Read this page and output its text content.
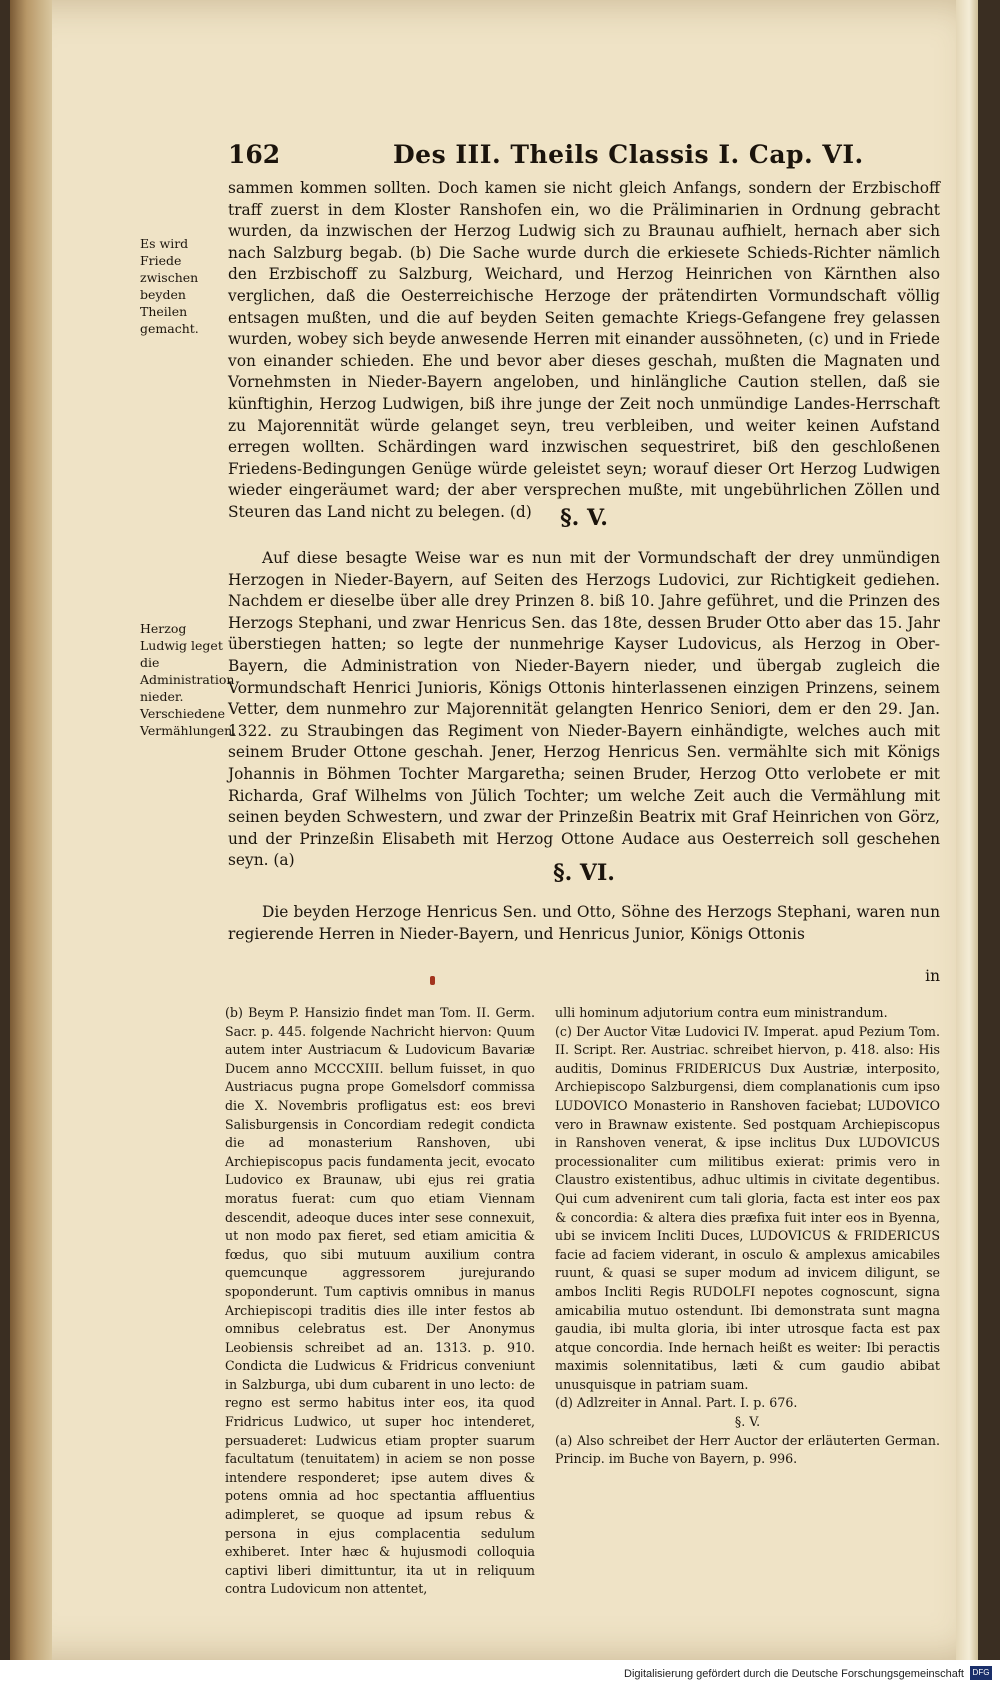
162	Des III. Theils Classis I. Cap. VI.

sammen kommen sollten. Doch kamen sie nicht gleich Anfangs, sondern der Erzbischoff traff zuerst in dem Kloster Ranshofen ein, wo die Präliminarien in Ordnung gebracht wurden, da inzwischen der Herzog Ludwig sich zu Braunau aufhielt, hernach aber sich nach Salzburg begab. (b) Die Sache wurde durch die erkiesete Schieds-Richter nämlich den Erzbischoff zu Salzburg, Weichard, und Herzog Heinrichen von Kärnthen also verglichen, daß die Oesterreichische Herzoge der prätendirten Vormundschaft völlig entsagen mußten, und die auf beyden Seiten gemachte Kriegs-Gefangene frey gelassen wurden, wobey sich beyde anwesende Herren mit einander aussöhneten, (c) und in Friede von einander schieden. Ehe und bevor aber dieses geschah, mußten die Magnaten und Vornehmsten in Nieder-Bayern angeloben, und hinlängliche Caution stellen, daß sie künftighin, Herzog Ludwigen, biß ihre junge der Zeit noch unmündige Landes-Herrschaft zu Majorennität würde gelanget seyn, treu verbleiben, und weiter keinen Aufstand erregen wollten. Schärdingen ward inzwischen sequestriret, biß den geschloßenen Friedens-Bedingungen Genüge würde geleistet seyn; worauf dieser Ort Herzog Ludwigen wieder eingeräumet ward; der aber versprechen mußte, mit ungebührlichen Zöllen und Steuren das Land nicht zu belegen. (d)

Es wird Friede zwischen beyden Theilen gemacht.
§. V.

Auf diese besagte Weise war es nun mit der Vormundschaft der drey unmündigen Herzogen in Nieder-Bayern, auf Seiten des Herzogs Ludovici, zur Richtigkeit gediehen. Nachdem er dieselbe über alle drey Prinzen 8. biß 10. Jahre geführet, und die Prinzen des Herzogs Stephani, und zwar Henricus Sen. das 18te, dessen Bruder Otto aber das 15. Jahr überstiegen hatten; so legte der nunmehrige Kayser Ludovicus, als Herzog in Ober-Bayern, die Administration von Nieder-Bayern nieder, und übergab zugleich die Vormundschaft Henrici Junioris, Königs Ottonis hinterlassenen einzigen Prinzens, seinem Vetter, dem nunmehro zur Majorennität gelangten Henrico Seniori, dem er den 29. Jan. 1322. zu Straubingen das Regiment von Nieder-Bayern einhändigte, welches auch mit seinem Bruder Ottone geschah. Jener, Herzog Henricus Sen. vermählte sich mit Königs Johannis in Böhmen Tochter Margaretha; seinen Bruder, Herzog Otto verlobete er mit Richarda, Graf Wilhelms von Jülich Tochter; um welche Zeit auch die Vermählung mit seinen beyden Schwestern, und zwar der Prinzeßin Beatrix mit Graf Heinrichen von Görz, und der Prinzeßin Elisabeth mit Herzog Ottone Audace aus Oesterreich soll geschehen seyn. (a)

Herzog Ludwig leget die Administration nieder.
Verschiedene Vermählungen.
§. VI.

Die beyden Herzoge Henricus Sen. und Otto, Söhne des Herzogs Stephani, waren nun regierende Herren in Nieder-Bayern, und Henricus Junior, Königs Ottonis

in

(b) Beym P. Hansizio findet man Tom. II. Germ. Sacr. p. 445. folgende Nachricht hiervon: Quum autem inter Austriacum & Ludovicum Bavariæ Ducem anno MCCCXIII. bellum fuisset, in quo Austriacus pugna prope Gomelsdorf commissa die X. Novembris profligatus est: eos brevi Salisburgensis in Concordiam redegit condicta die ad monasterium Ranshoven, ubi Archiepiscopus pacis fundamenta jecit, evocato Ludovico ex Braunaw, ubi ejus rei gratia moratus fuerat: cum quo etiam Viennam descendit, adeoque duces inter sese connexuit, ut non modo pax fieret, sed etiam amicitia & fœdus, quo sibi mutuum auxilium contra quemcunque aggressorem jurejurando spoponderunt. Tum captivis omnibus in manus Archiepiscopi traditis dies ille inter festos ab omnibus celebratus est. Der Anonymus Leobiensis schreibet ad an. 1313. p. 910. Condicta die Ludwicus & Fridricus conveniunt in Salzburga, ubi dum cubarent in uno lecto: de regno est sermo habitus inter eos, ita quod Fridricus Ludwico, ut super hoc intenderet, persuaderet: Ludwicus etiam propter suarum facultatum (tenuitatem) in aciem se non posse intendere responderet; ipse autem dives & potens omnia ad hoc spectantia affluentius adimpleret, se quoque ad ipsum rebus & persona in ejus complacentia sedulum exhiberet. Inter hæc & hujusmodi colloquia captivi liberi dimittuntur, ita ut in reliquum contra Ludovicum non attentet,

ulli hominum adjutorium contra eum ministrandum.

(c) Der Auctor Vitæ Ludovici IV. Imperat. apud Pezium Tom. II. Script. Rer. Austriac. schreibet hiervon, p. 418. also: His auditis, Dominus FRIDERICUS Dux Austriæ, interposito, Archiepiscopo Salzburgensi, diem complanationis cum ipso LUDOVICO Monasterio in Ranshoven faciebat; LUDOVICO vero in Brawnaw existente. Sed postquam Archiepiscopus in Ranshoven venerat, & ipse inclitus Dux LUDOVICUS processionaliter cum militibus exierat: primis vero in Claustro existentibus, adhuc ultimis in civitate degentibus. Qui cum advenirent cum tali gloria, facta est inter eos pax & concordia: & altera dies præfixa fuit inter eos in Byenna, ubi se invicem Incliti Duces, LUDOVICUS & FRIDERICUS facie ad faciem viderant, in osculo & amplexus amicabiles ruunt, & quasi se super modum ad invicem diligunt, se ambos Incliti Regis RUDOLFI nepotes cognoscunt, signa amicabilia mutuo ostendunt. Ibi demonstrata sunt magna gaudia, ibi multa gloria, ibi inter utrosque facta est pax atque concordia. Inde hernach heißt es weiter: Ibi peractis maximis solennitatibus, læti & cum gaudio abibat unusquisque in patriam suam.

(d) Adlzreiter in Annal. Part. I. p. 676.

§. V.

(a) Also schreibet der Herr Auctor der erläuterten German. Princip. im Buche von Bayern, p. 996.

Digitalisierung gefördert durch die Deutsche Forschungsgemeinschaft	DFG
